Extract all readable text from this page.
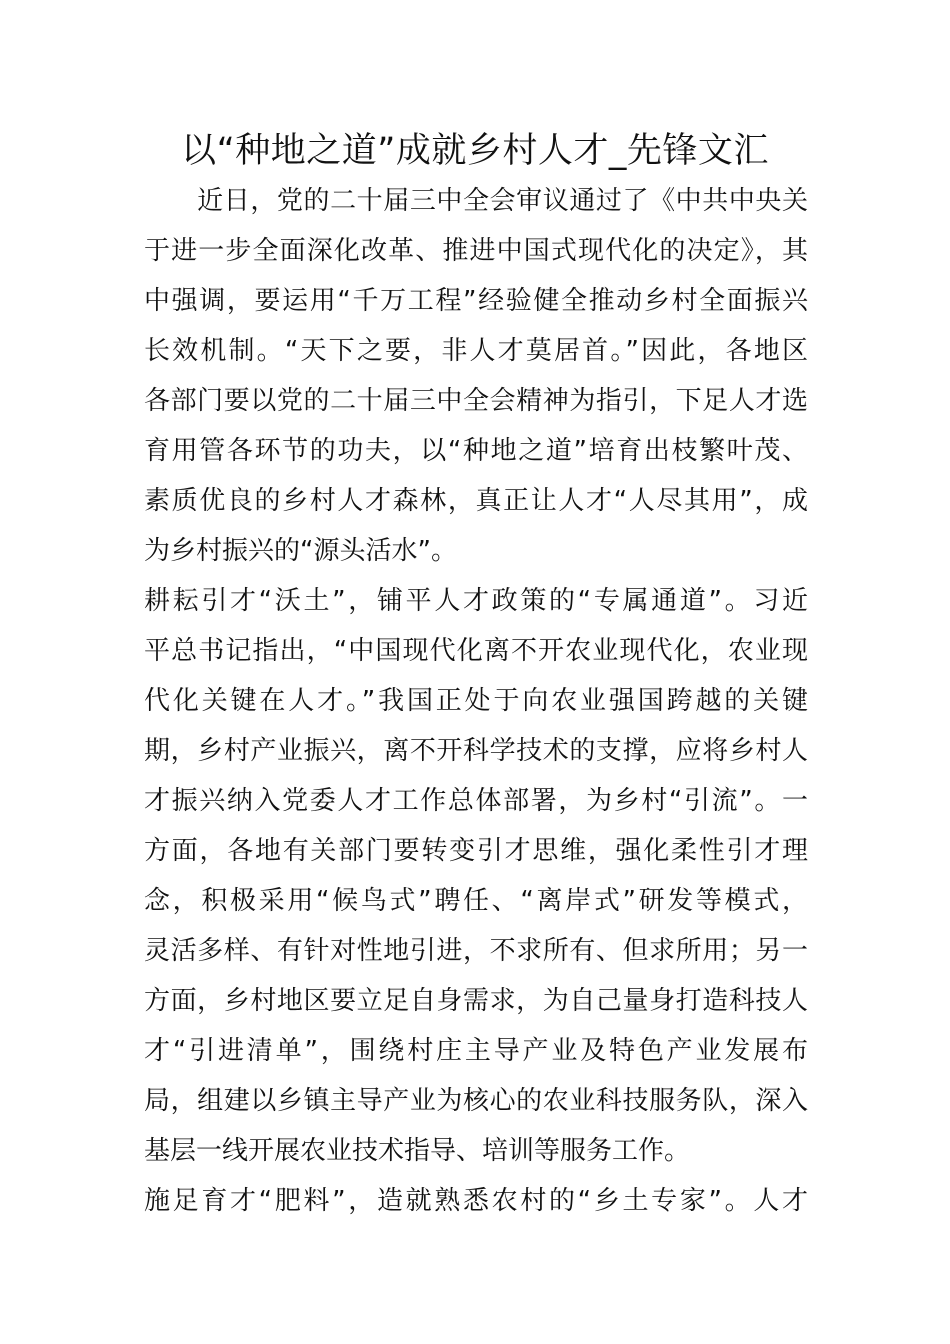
以“种地之道”成就乡村人才_先锋文汇
　　近日，党的二十届三中全会审议通过了《中共中央关
于进一步全面深化改革、推进中国式现代化的决定》，其
中强调，要运用“千万工程”经验健全推动乡村全面振兴
长效机制。“天下之要，非人才莫居首。”因此，各地区
各部门要以党的二十届三中全会精神为指引，下足人才选
育用管各环节的功夫，以“种地之道”培育出枝繁叶茂、
素质优良的乡村人才森林，真正让人才“人尽其用”，成
为乡村振兴的“源头活水”。
耕耘引才“沃土”，铺平人才政策的“专属通道”。习近
平总书记指出，“中国现代化离不开农业现代化，农业现
代化关键在人才。”我国正处于向农业强国跨越的关键
期，乡村产业振兴，离不开科学技术的支撑，应将乡村人
才振兴纳入党委人才工作总体部署，为乡村“引流”。一
方面，各地有关部门要转变引才思维，强化柔性引才理
念，积极采用“候鸟式”聘任、“离岸式”研发等模式，
灵活多样、有针对性地引进，不求所有、但求所用；另一
方面，乡村地区要立足自身需求，为自己量身打造科技人
才“引进清单”，围绕村庄主导产业及特色产业发展布
局，组建以乡镇主导产业为核心的农业科技服务队，深入
基层一线开展农业技术指导、培训等服务工作。
施足育才“肥料”，造就熟悉农村的“乡土专家”。人才
